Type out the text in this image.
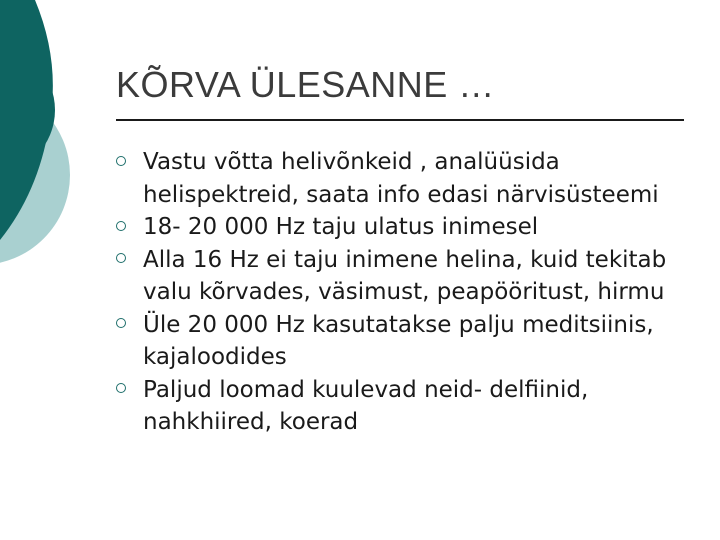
KÕRVA ÜLESANNE …
Vastu võtta helivõnkeid , analüüsida helispektreid, saata info edasi närvisüsteemi
18- 20 000 Hz taju ulatus inimesel
Alla 16 Hz ei taju inimene helina, kuid tekitab valu kõrvades, väsimust, peapööritust, hirmu
Üle 20 000 Hz kasutatakse palju meditsiinis, kajaloodides
Paljud loomad kuulevad neid- delfiinid, nahkhiired, koerad
